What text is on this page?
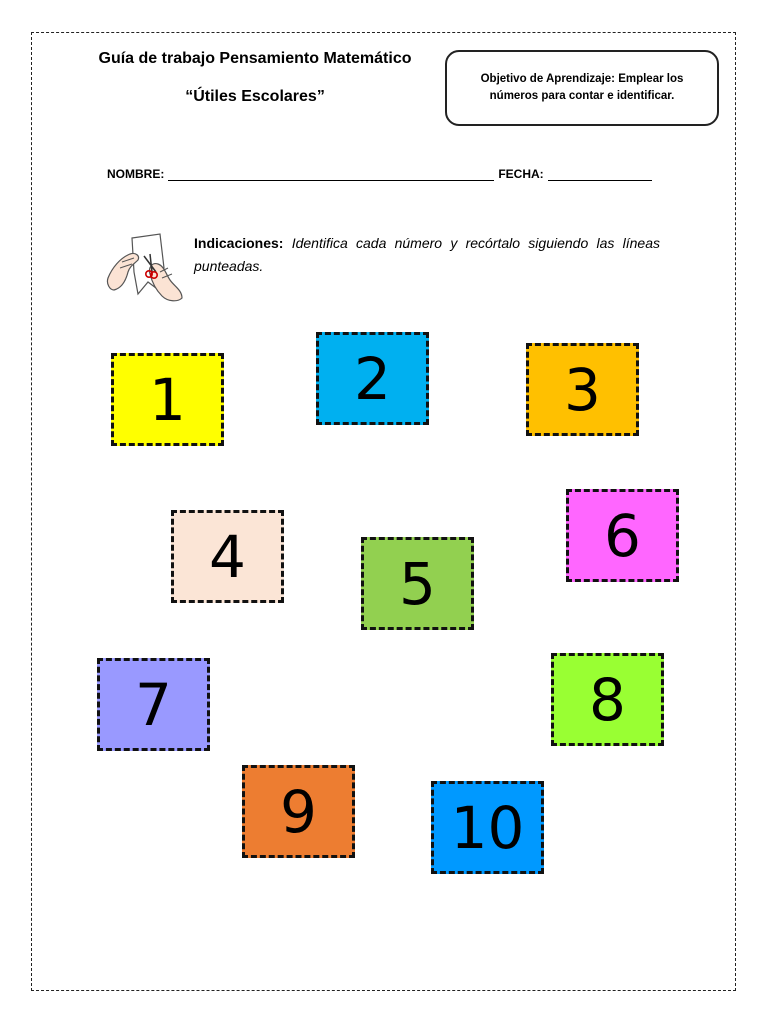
Guía de trabajo Pensamiento Matemático
“Útiles Escolares”
Objetivo de Aprendizaje: Emplear los números para contar e identificar.
NOMBRE:	FECHA:
Indicaciones: Identifica cada número y recórtalo siguiendo las líneas punteadas.
1	2	3
4	5
6
7	8
9 10
